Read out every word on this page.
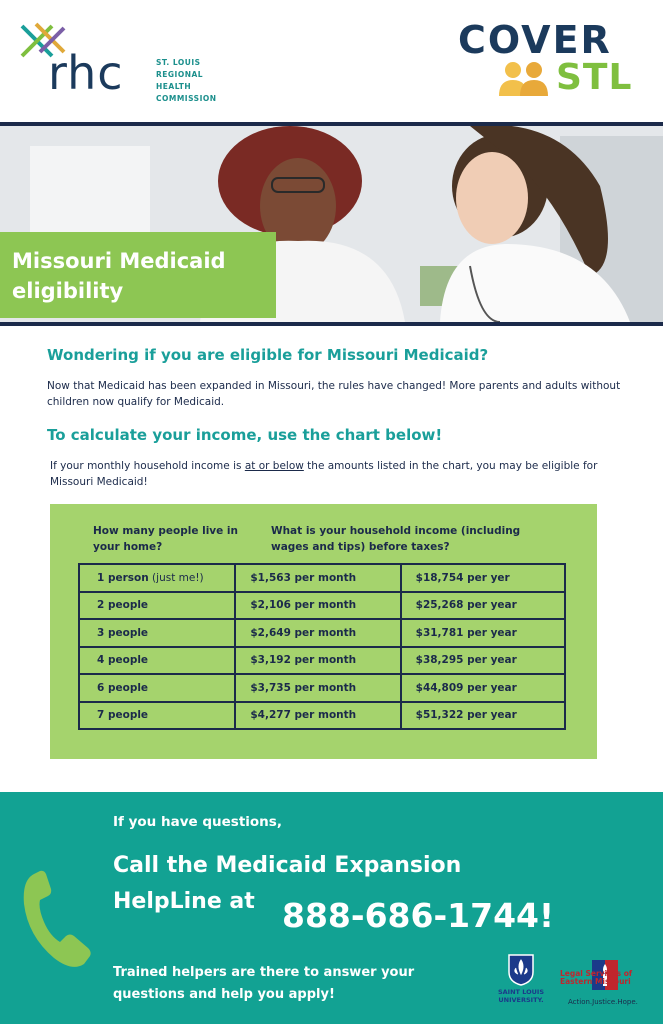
rhc	ST. LOUIS
REGIONAL HEALTH
COMMISSION
COVER
STL
Missouri Medicaid eligibility
Wondering if you are eligible for Missouri Medicaid?
Now that Medicaid has been expanded in Missouri, the rules have changed! More parents and adults without children now qualify for Medicaid.
To calculate your income, use the chart below!
If your monthly household income is at or below the amounts listed in the chart, you may be eligible for Missouri Medicaid!
How many people live in your home?
What is your household income (including wages and tips) before taxes?
1 person (just me!)	$1,563 per month	$18,754 per yer
2 people	$2,106 per month	$25,268 per year
3 people	$2,649 per month	$31,781 per year
4 people	$3,192 per month	$38,295 per year
6 people	$3,735 per month	$44,809 per year
7 people	$4,277 per month	$51,322 per year
If you have questions,
Call the Medicaid Expansion HelpLine at 888-686-1744!
Trained helpers are there to answer your questions and help you apply!	SAINT LOUIS UNIVERSITY.
Legal Services of Eastern Missouri
Action.Justice.Hope.
